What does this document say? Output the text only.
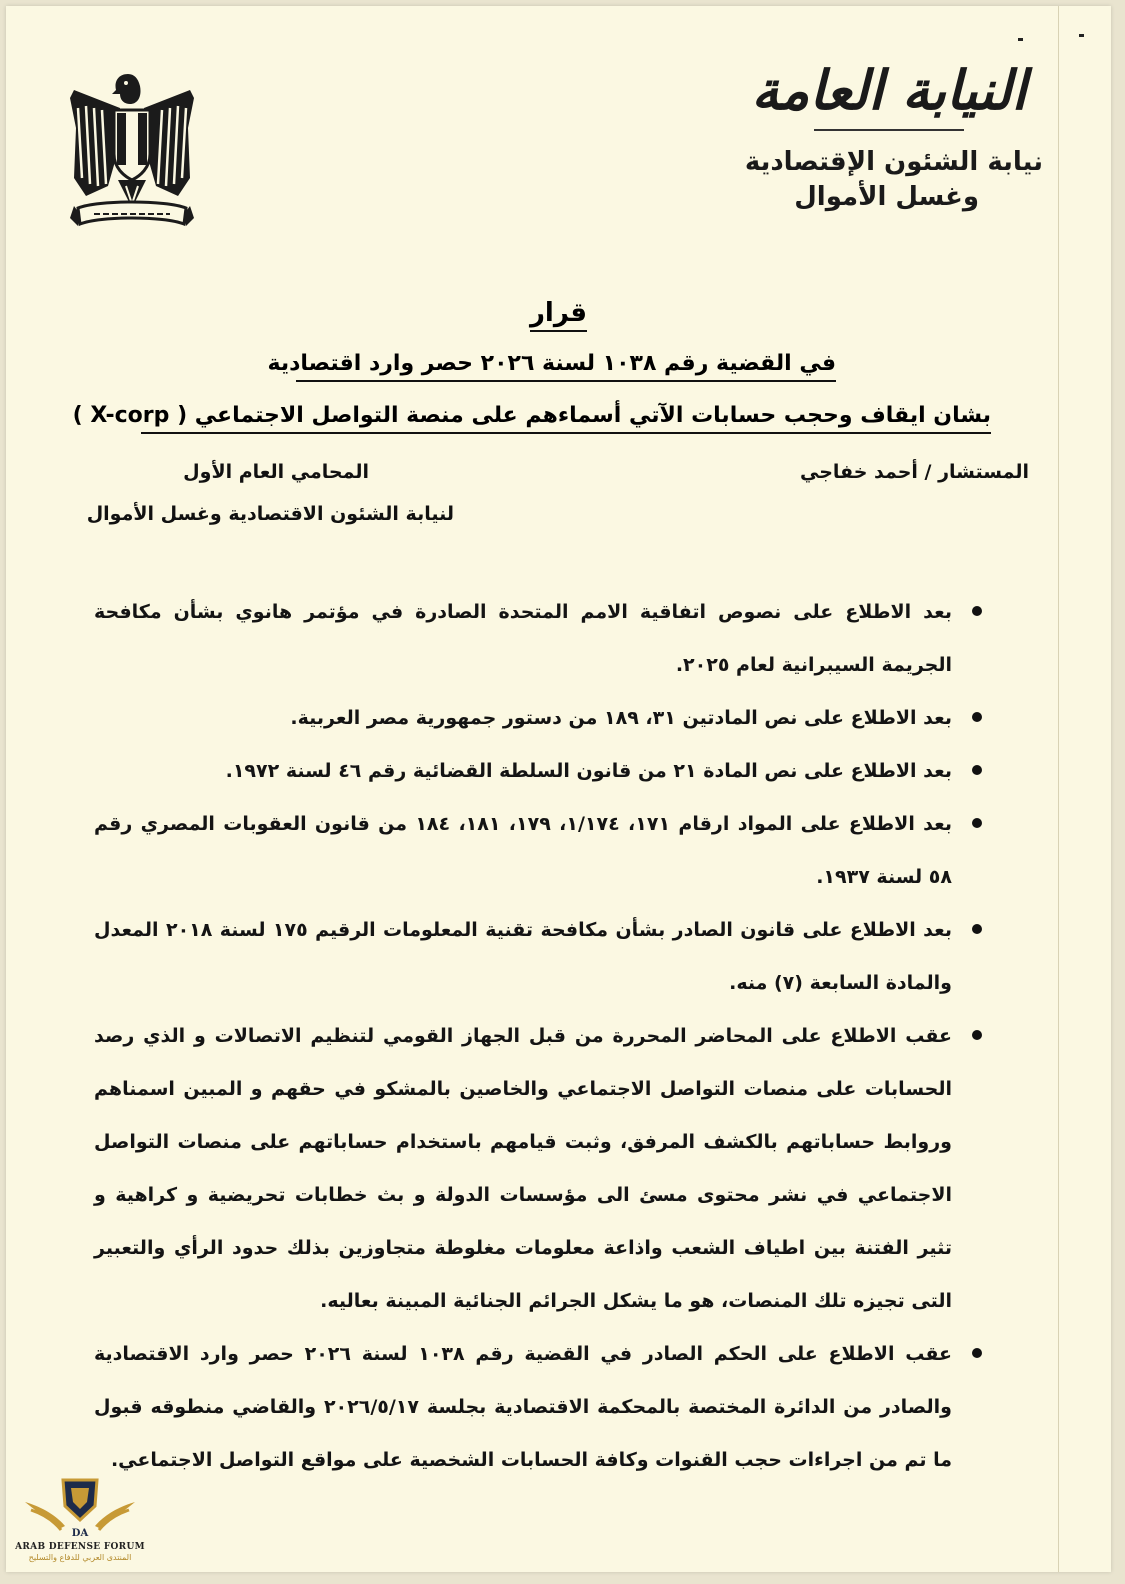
النيابة العامة
نيابة الشئون الإقتصادية
وغسل الأموال
قرار
في القضية رقم ١٠٣٨ لسنة ٢٠٢٦ حصر وارد اقتصادية
بشان ايقاف وحجب حسابات الآتي أسماءهم على منصة التواصل الاجتماعي ( X-corp )
المستشار / أحمد خفاجي
المحامي العام الأول
لنيابة الشئون الاقتصادية وغسل الأموال
بعد الاطلاع على نصوص اتفاقية الامم المتحدة الصادرة في مؤتمر هانوي بشأن مكافحة الجريمة السيبرانية لعام ٢٠٢٥.
بعد الاطلاع على نص المادتين ٣١، ١٨٩ من دستور جمهورية مصر العربية.
بعد الاطلاع على نص المادة ٢١ من قانون السلطة القضائية رقم ٤٦ لسنة ١٩٧٢.
بعد الاطلاع على المواد ارقام ١٧١، ١/١٧٤، ١٧٩، ١٨١، ١٨٤ من قانون العقوبات المصري رقم ٥٨ لسنة ١٩٣٧.
بعد الاطلاع على قانون الصادر بشأن مكافحة تقنية المعلومات الرقيم ١٧٥ لسنة ٢٠١٨ المعدل والمادة السابعة (٧) منه.
عقب الاطلاع على المحاضر المحررة من قبل الجهاز القومي لتنظيم الاتصالات و الذي رصد الحسابات على منصات التواصل الاجتماعي والخاصين بالمشكو في حقهم و المبين اسمناهم وروابط حساباتهم بالكشف المرفق، وثبت قيامهم باستخدام حساباتهم على منصات التواصل الاجتماعي في نشر محتوى مسئ الى مؤسسات الدولة و بث خطابات تحريضية و كراهية و تثير الفتنة بين اطياف الشعب واذاعة معلومات مغلوطة متجاوزين بذلك حدود الرأي والتعبير التى تجيزه تلك المنصات، هو ما يشكل الجرائم الجنائية المبينة بعاليه.
عقب الاطلاع على الحكم الصادر في القضية رقم ١٠٣٨ لسنة ٢٠٢٦ حصر وارد الاقتصادية والصادر من الدائرة المختصة بالمحكمة الاقتصادية بجلسة ٢٠٢٦/٥/١٧ والقاضي منطوقه قبول ما تم من اجراءات حجب القنوات وكافة الحسابات الشخصية على مواقع التواصل الاجتماعي.
DA
ARAB DEFENSE FORUM
المنتدى العربي للدفاع والتسليح
